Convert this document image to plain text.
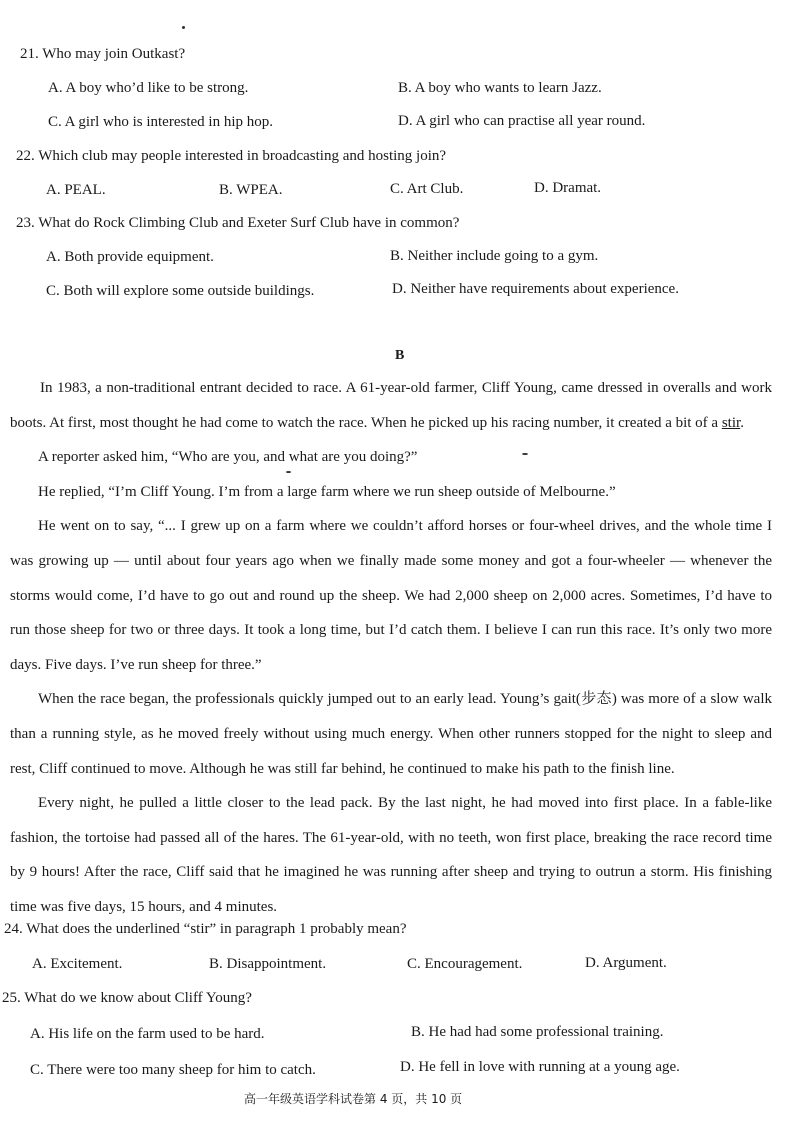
21. Who may join Outkast?
A. A boy who’d like to be strong.	B. A boy who wants to learn Jazz.
C. A girl who is interested in hip hop.	D. A girl who can practise all year round.
22. Which club may people interested in broadcasting and hosting join?
A. PEAL.	B. WPEA.	C. Art Club.	D. Dramat.
23. What do Rock Climbing Club and Exeter Surf Club have in common?
A. Both provide equipment.	B. Neither include going to a gym.
C. Both will explore some outside buildings.	D. Neither have requirements about experience.
B

In 1983, a non-traditional entrant decided to race. A 61-year-old farmer, Cliff Young, came dressed in overalls and work boots. At first, most thought he had come to watch the race. When he picked up his racing number, it created a bit of a stir.

A reporter asked him, “Who are you, and what are you doing?”

He replied, “I’m Cliff Young. I’m from a large farm where we run sheep outside of Melbourne.”

He went on to say, “... I grew up on a farm where we couldn’t afford horses or four-wheel drives, and the whole time I was growing up — until about four years ago when we finally made some money and got a four-wheeler — whenever the storms would come, I’d have to go out and round up the sheep. We had 2,000 sheep on 2,000 acres. Sometimes, I’d have to run those sheep for two or three days. It took a long time, but I’d catch them. I believe I can run this race. It’s only two more days. Five days. I’ve run sheep for three.”

When the race began, the professionals quickly jumped out to an early lead. Young’s gait(步态) was more of a slow walk than a running style, as he moved freely without using much energy. When other runners stopped for the night to sleep and rest, Cliff continued to move. Although he was still far behind, he continued to make his path to the finish line.

Every night, he pulled a little closer to the lead pack. By the last night, he had moved into first place. In a fable-like fashion, the tortoise had passed all of the hares. The 61-year-old, with no teeth, won first place, breaking the race record time by 9 hours! After the race, Cliff said that he imagined he was running after sheep and trying to outrun a storm. His finishing time was five days, 15 hours, and 4 minutes.

24. What does the underlined “stir” in paragraph 1 probably mean?
A. Excitement.	B. Disappointment.	C. Encouragement.	D. Argument.
25. What do we know about Cliff Young?
A. His life on the farm used to be hard.	B. He had had some professional training.
C. There were too many sheep for him to catch.	D. He fell in love with running at a young age.
高一年级英语学科试卷第 4 页，共 10 页
